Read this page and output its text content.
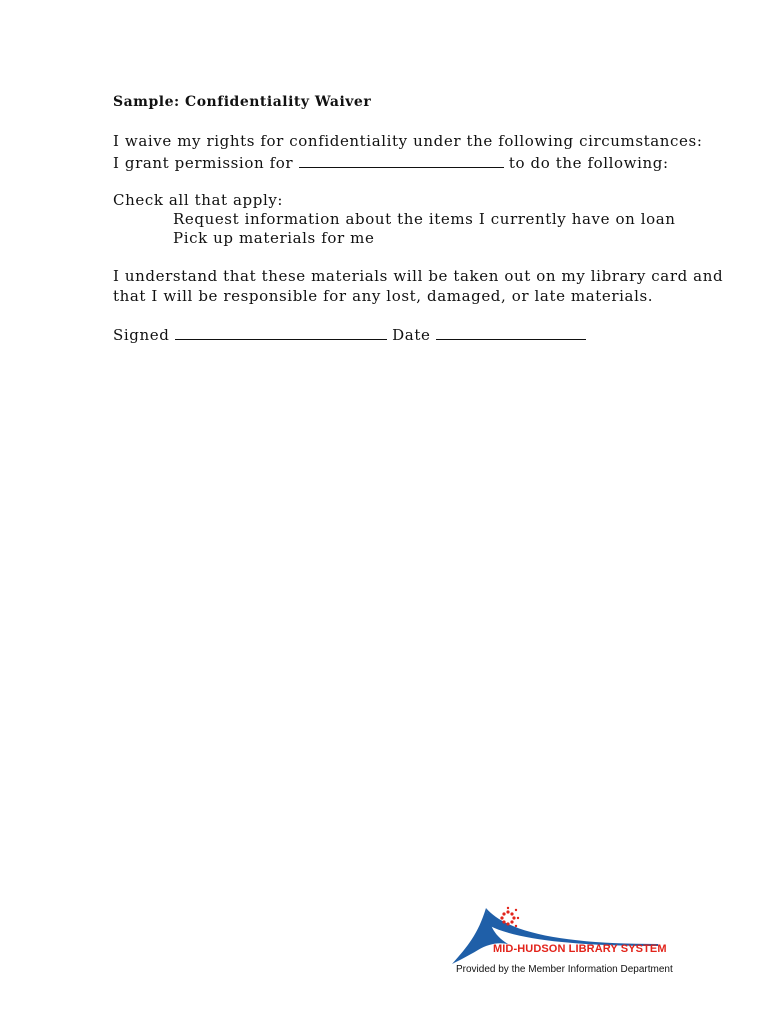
Sample: Confidentiality Waiver
I waive my rights for confidentiality under the following circumstances:
I grant permission for	to do the following:
Check all that apply:
Request information about the items I currently have on loan
Pick up materials for me
I understand that these materials will be taken out on my library card and
that I will be responsible for any lost, damaged, or late materials.
Signed	Date
MID-HUDSON LIBRARY SYSTEM
Provided by the Member Information Department
